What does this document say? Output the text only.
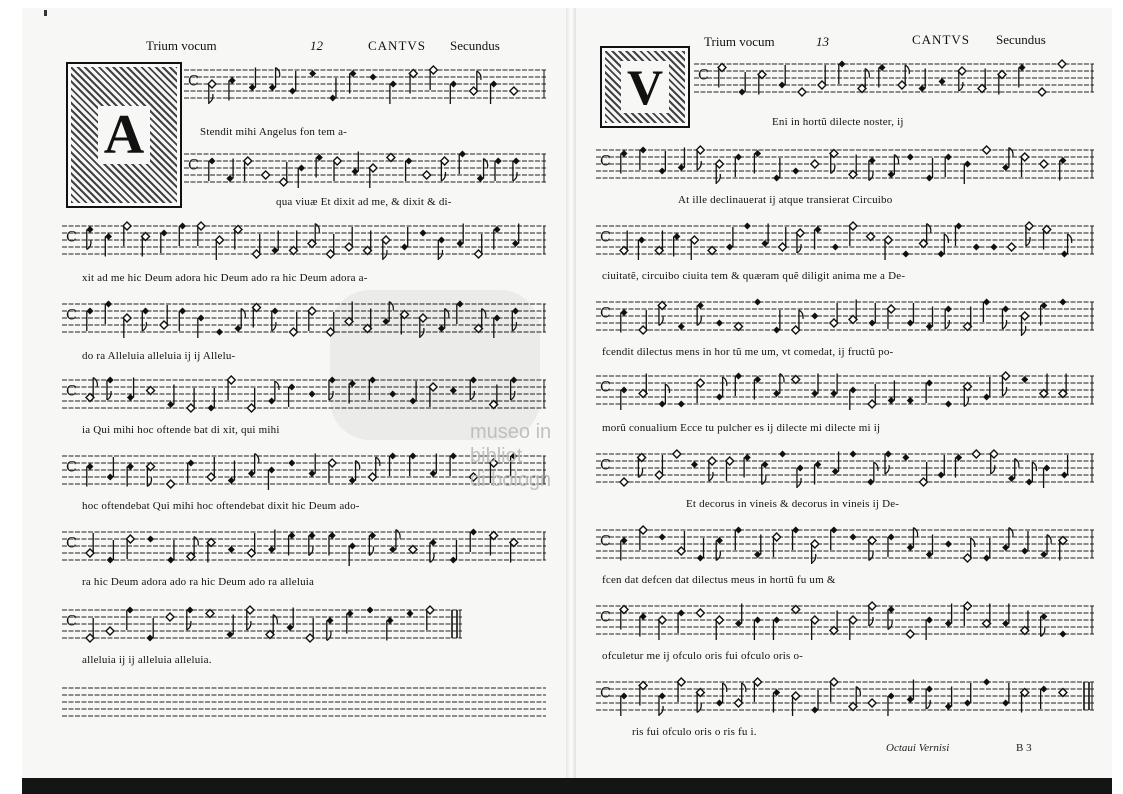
Trium vocum	12	CANTVS Secundus
A
C
Stendit mihi Angelus fon tem a-
C
qua viuæ Et dixit ad me, & dixit & di-
C
xit ad me hic Deum adora hic Deum ado ra hic Deum adora a-
C
do ra Alleluia alleluia ij ij Allelu-
C
ia Qui mihi hoc oftende bat di xit, qui mihi
C
hoc oftendebat Qui mihi hoc oftendebat dixit hic Deum ado-
C
ra hic Deum adora ado ra hic Deum ado ra alleluia
C
alleluia ij ij alleluia alleluia.
Trium vocum	13	CANTVS Secundus
V	C
Eni in hortũ dilecte noster, ij
C
At ille declinauerat ij atque transierat Circuibo
C
ciuitatẽ, circuibo ciuita tem & quæram quẽ diligit anima me a De-
C
fcendit dilectus mens in hor tũ me um, vt comedat, ij fructũ po-
C
morũ conualium Ecce tu pulcher es ij dilecte mi dilecte mi ij
C
Et decorus in vineis & decorus in vineis ij De-
C
fcen dat defcen dat dilectus meus in hortũ fu um &
C
ofculetur me ij ofculo oris fui ofculo oris o-
C
ris fui ofculo oris o ris fu i.
Octaui Vernisi	B 3
museo in
bibliot
di bologn
